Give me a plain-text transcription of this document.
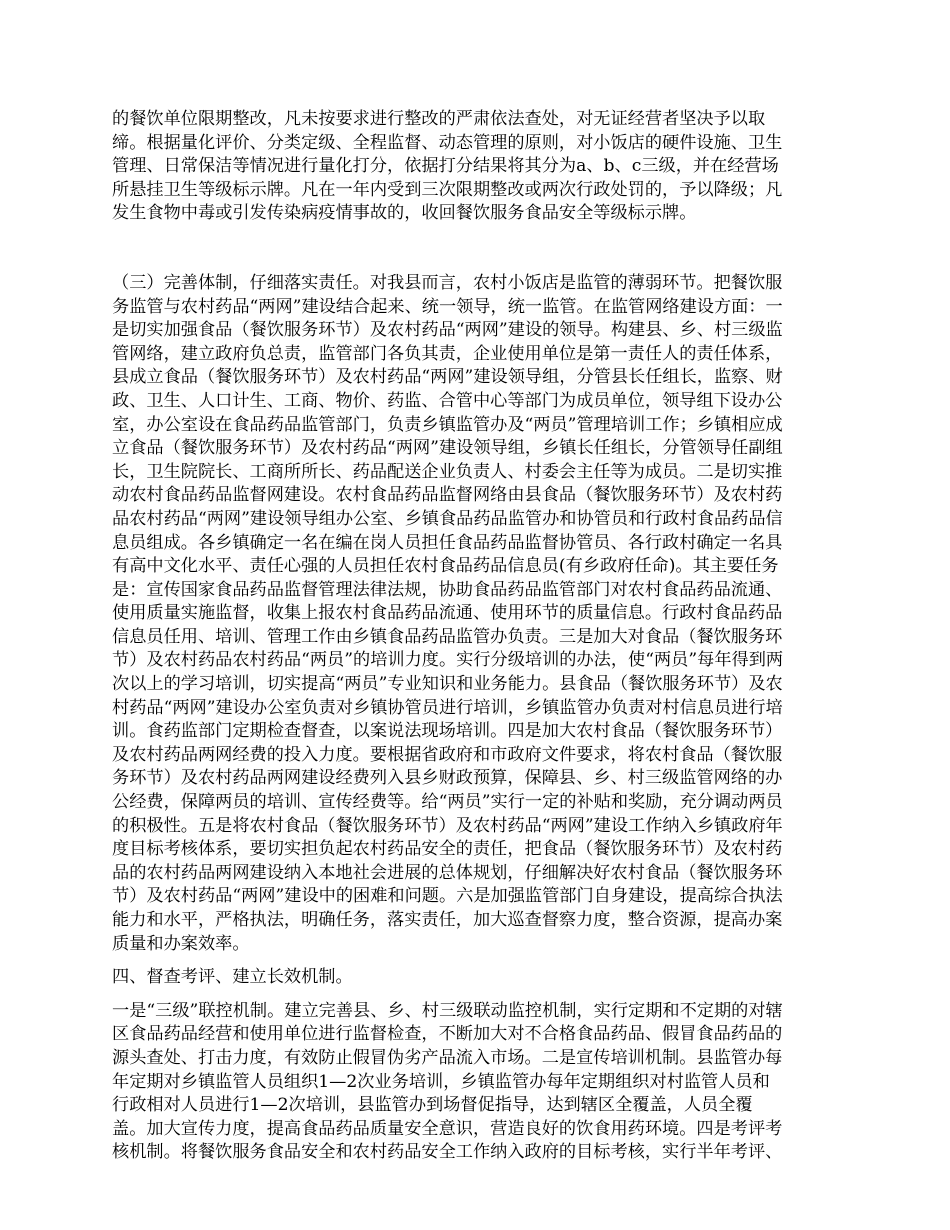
的餐饮单位限期整改，凡未按要求进行整改的严肃依法查处，对无证经营者坚决予以取
缔。根据量化评价、分类定级、全程监督、动态管理的原则，对小饭店的硬件设施、卫生
管理、日常保洁等情况进行量化打分，依据打分结果将其分为a、b、c三级，并在经营场
所悬挂卫生等级标示牌。凡在一年内受到三次限期整改或两次行政处罚的，予以降级；凡
发生食物中毒或引发传染病疫情事故的，收回餐饮服务食品安全等级标示牌。

（三）完善体制，仔细落实责任。对我县而言，农村小饭店是监管的薄弱环节。把餐饮服
务监管与农村药品“两网”建设结合起来、统一领导，统一监管。在监管网络建设方面：一
是切实加强食品（餐饮服务环节）及农村药品“两网”建设的领导。构建县、乡、村三级监
管网络，建立政府负总责，监管部门各负其责，企业使用单位是第一责任人的责任体系，
县成立食品（餐饮服务环节）及农村药品“两网”建设领导组，分管县长任组长，监察、财
政、卫生、人口计生、工商、物价、药监、合管中心等部门为成员单位，领导组下设办公
室，办公室设在食品药品监管部门，负责乡镇监管办及“两员”管理培训工作；乡镇相应成
立食品（餐饮服务环节）及农村药品“两网”建设领导组，乡镇长任组长，分管领导任副组
长，卫生院院长、工商所所长、药品配送企业负责人、村委会主任等为成员。二是切实推
动农村食品药品监督网建设。农村食品药品监督网络由县食品（餐饮服务环节）及农村药
品农村药品“两网”建设领导组办公室、乡镇食品药品监管办和协管员和行政村食品药品信
息员组成。各乡镇确定一名在编在岗人员担任食品药品监督协管员、各行政村确定一名具
有高中文化水平、责任心强的人员担任农村食品药品信息员(有乡政府任命)。其主要任务
是：宣传国家食品药品监督管理法律法规，协助食品药品监管部门对农村食品药品流通、
使用质量实施监督，收集上报农村食品药品流通、使用环节的质量信息。行政村食品药品
信息员任用、培训、管理工作由乡镇食品药品监管办负责。三是加大对食品（餐饮服务环
节）及农村药品农村药品“两员”的培训力度。实行分级培训的办法，使“两员”每年得到两
次以上的学习培训，切实提高“两员”专业知识和业务能力。县食品（餐饮服务环节）及农
村药品“两网”建设办公室负责对乡镇协管员进行培训，乡镇监管办负责对村信息员进行培
训。食药监部门定期检查督查，以案说法现场培训。四是加大农村食品（餐饮服务环节）
及农村药品两网经费的投入力度。要根据省政府和市政府文件要求，将农村食品（餐饮服
务环节）及农村药品两网建设经费列入县乡财政预算，保障县、乡、村三级监管网络的办
公经费，保障两员的培训、宣传经费等。给“两员”实行一定的补贴和奖励，充分调动两员
的积极性。五是将农村食品（餐饮服务环节）及农村药品“两网”建设工作纳入乡镇政府年
度目标考核体系，要切实担负起农村药品安全的责任，把食品（餐饮服务环节）及农村药
品的农村药品两网建设纳入本地社会进展的总体规划，仔细解决好农村食品（餐饮服务环
节）及农村药品“两网”建设中的困难和问题。六是加强监管部门自身建设，提高综合执法
能力和水平，严格执法，明确任务，落实责任，加大巡查督察力度，整合资源，提高办案
质量和办案效率。

四、督查考评、建立长效机制。

一是“三级”联控机制。建立完善县、乡、村三级联动监控机制，实行定期和不定期的对辖
区食品药品经营和使用单位进行监督检查，不断加大对不合格食品药品、假冒食品药品的
源头查处、打击力度，有效防止假冒伪劣产品流入市场。二是宣传培训机制。县监管办每
年定期对乡镇监管人员组织1—2次业务培训，乡镇监管办每年定期组织对村监管人员和
行政相对人员进行1—2次培训，县监管办到场督促指导，达到辖区全覆盖，人员全覆
盖。加大宣传力度，提高食品药品质量安全意识，营造良好的饮食用药环境。四是考评考
核机制。将餐饮服务食品安全和农村药品安全工作纳入政府的目标考核，实行半年考评、
